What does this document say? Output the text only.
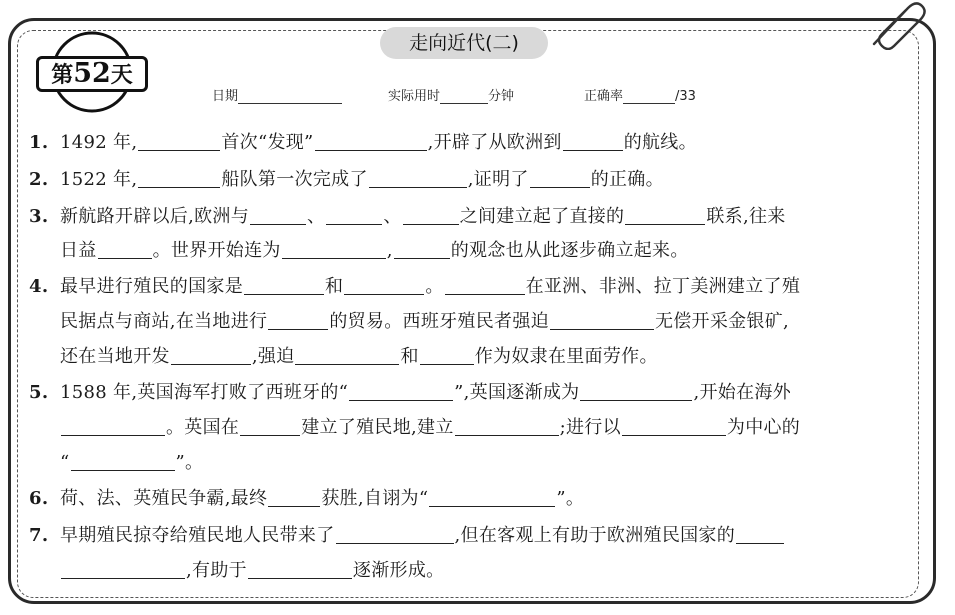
走向近代(二)
第52天
日期	实际用时	分钟	正确率	/33
1. 1492 年,	首次“发现”	,开辟了从欧洲到	的航线。
2. 1522 年,	船队第一次完成了	,证明了	的正确。
3. 新航路开辟以后,欧洲与	、	、	之间建立起了直接的	联系,往来
日益	。世界开始连为	,	的观念也从此逐步确立起来。
4. 最早进行殖民的国家是	和	。	在亚洲、非洲、拉丁美洲建立了殖
民据点与商站,在当地进行	的贸易。西班牙殖民者强迫	无偿开采金银矿,
还在当地开发	,强迫	和	作为奴隶在里面劳作。
5. 1588 年,英国海军打败了西班牙的“	”,英国逐渐成为	,开始在海外
。英国在	建立了殖民地,建立	;进行以	为中心的
“	”。
6. 荷、法、英殖民争霸,最终	获胜,自诩为“	”。
7. 早期殖民掠夺给殖民地人民带来了	,但在客观上有助于欧洲殖民国家的
,有助于	逐渐形成。
